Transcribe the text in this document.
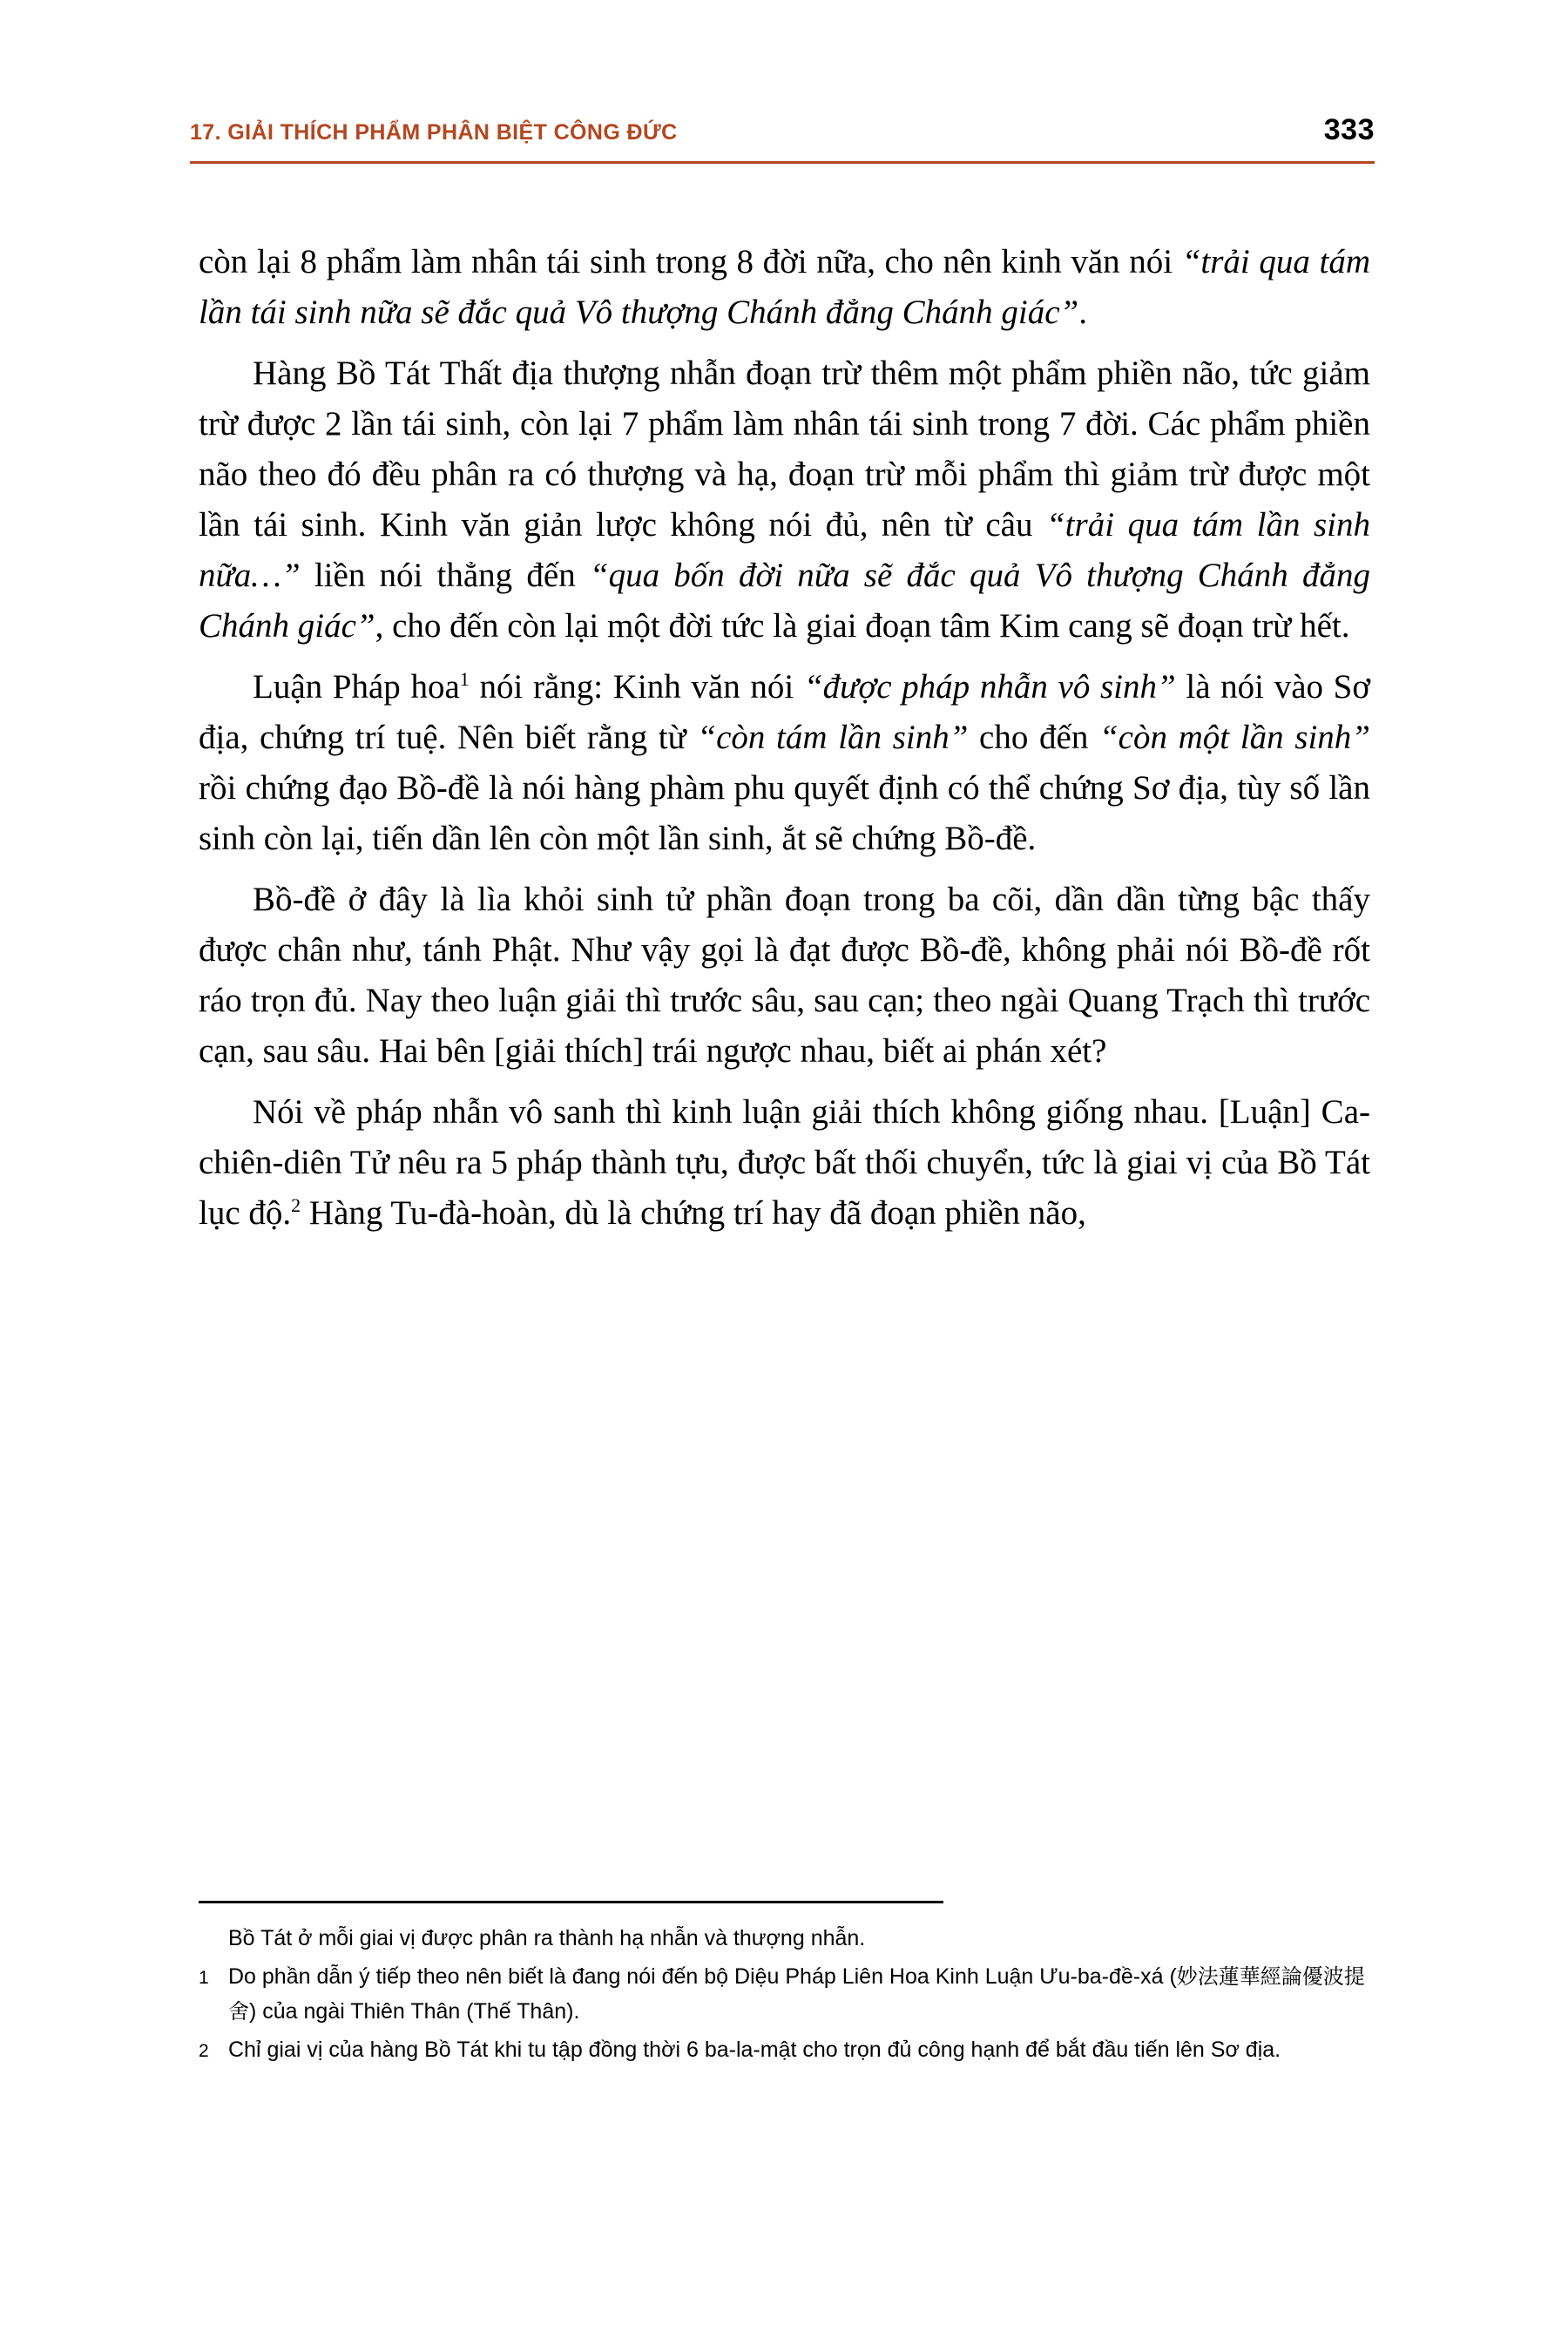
17. GIẢI THÍCH PHẨM PHÂN BIỆT CÔNG ĐỨC	333

còn lại 8 phẩm làm nhân tái sinh trong 8 đời nữa, cho nên kinh văn nói “trải qua tám lần tái sinh nữa sẽ đắc quả Vô thượng Chánh đẳng Chánh giác”.

Hàng Bồ Tát Thất địa thượng nhẫn đoạn trừ thêm một phẩm phiền não, tức giảm trừ được 2 lần tái sinh, còn lại 7 phẩm làm nhân tái sinh trong 7 đời. Các phẩm phiền não theo đó đều phân ra có thượng và hạ, đoạn trừ mỗi phẩm thì giảm trừ được một lần tái sinh. Kinh văn giản lược không nói đủ, nên từ câu “trải qua tám lần sinh nữa…” liền nói thẳng đến “qua bốn đời nữa sẽ đắc quả Vô thượng Chánh đẳng Chánh giác”, cho đến còn lại một đời tức là giai đoạn tâm Kim cang sẽ đoạn trừ hết.

Luận Pháp hoa$^1$ nói rằng: Kinh văn nói “được pháp nhẫn vô sinh” là nói vào Sơ địa, chứng trí tuệ. Nên biết rằng từ “còn tám lần sinh” cho đến “còn một lần sinh” rồi chứng đạo Bồ-đề là nói hàng phàm phu quyết định có thể chứng Sơ địa, tùy số lần sinh còn lại, tiến dần lên còn một lần sinh, ắt sẽ chứng Bồ-đề.

Bồ-đề ở đây là lìa khỏi sinh tử phần đoạn trong ba cõi, dần dần từng bậc thấy được chân như, tánh Phật. Như vậy gọi là đạt được Bồ-đề, không phải nói Bồ-đề rốt ráo trọn đủ. Nay theo luận giải thì trước sâu, sau cạn; theo ngài Quang Trạch thì trước cạn, sau sâu. Hai bên [giải thích] trái ngược nhau, biết ai phán xét?

Nói về pháp nhẫn vô sanh thì kinh luận giải thích không giống nhau. [Luận] Ca-chiên-diên Tử nêu ra 5 pháp thành tựu, được bất thối chuyển, tức là giai vị của Bồ Tát lục độ.$^2$ Hàng Tu-đà-hoàn, dù là chứng trí hay đã đoạn phiền não,

Bồ Tát ở mỗi giai vị được phân ra thành hạ nhẫn và thượng nhẫn.
1 Do phần dẫn ý tiếp theo nên biết là đang nói đến bộ Diệu Pháp Liên Hoa Kinh Luận Ưu-ba-đề-xá (妙法蓮華經論優波提舍) của ngài Thiên Thân (Thế Thân).
2 Chỉ giai vị của hàng Bồ Tát khi tu tập đồng thời 6 ba-la-mật cho trọn đủ công hạnh để bắt đầu tiến lên Sơ địa.
